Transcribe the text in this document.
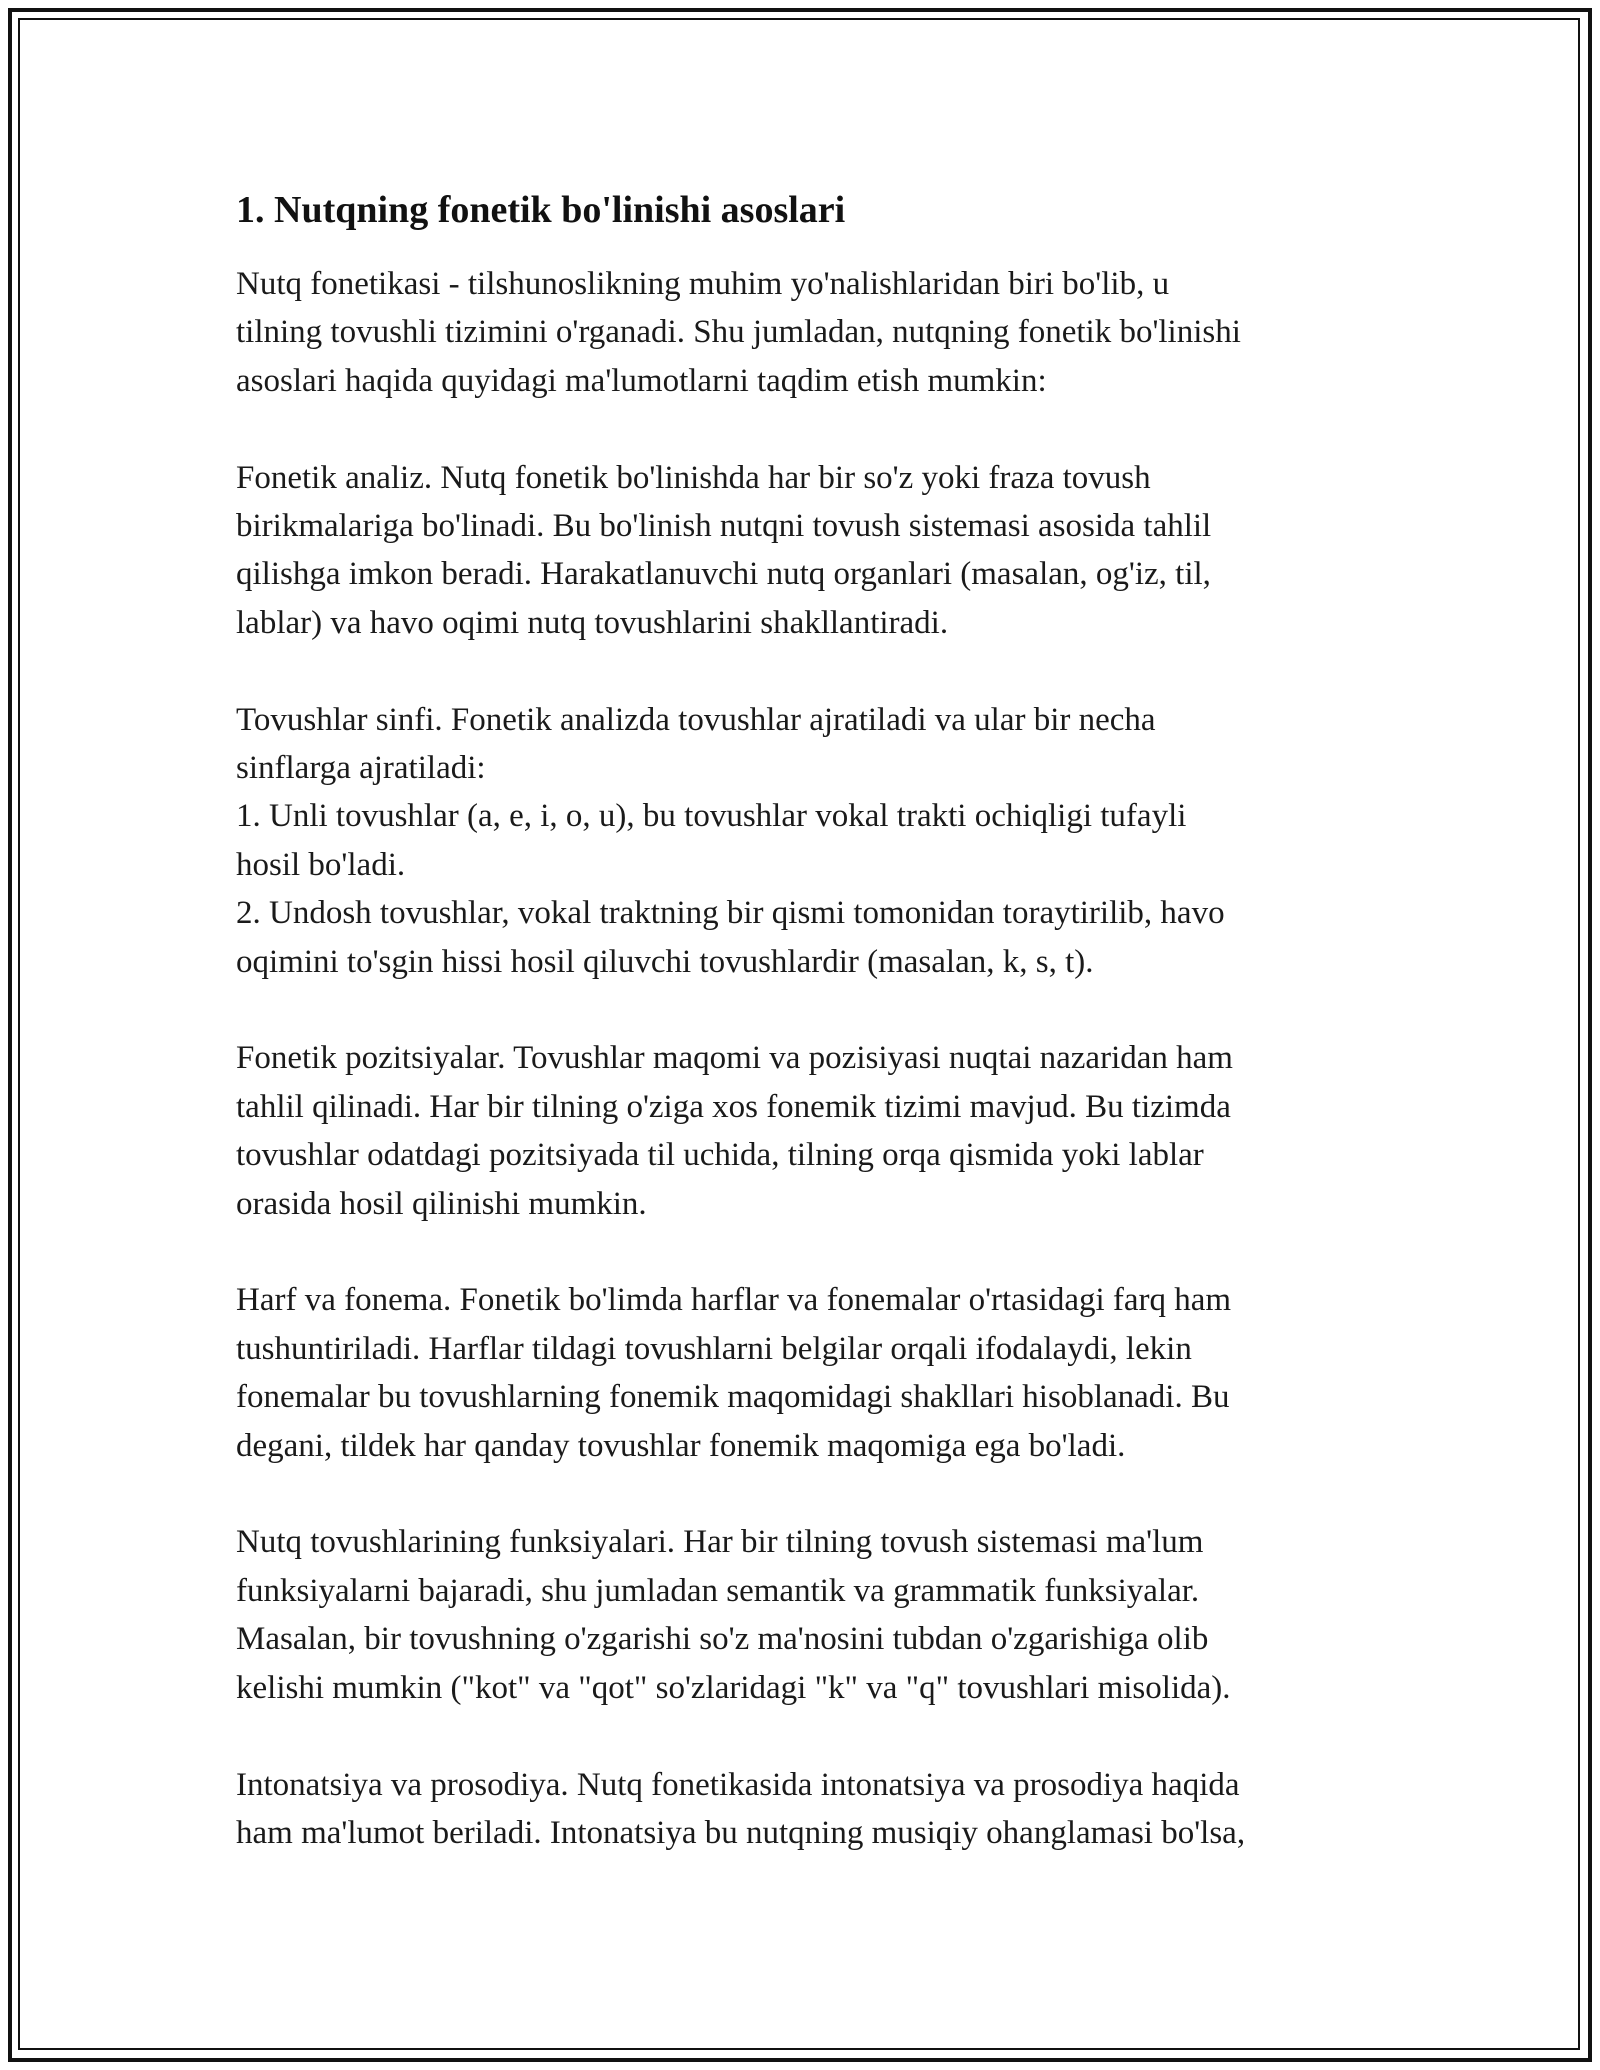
1. Nutqning fonetik bo'linishi asoslari
Nutq fonetikasi - tilshunoslikning muhim yo'nalishlaridan biri bo'lib, u
tilning tovushli tizimini o'rganadi. Shu jumladan, nutqning fonetik bo'linishi
asoslari haqida quyidagi ma'lumotlarni taqdim etish mumkin:
Fonetik analiz. Nutq fonetik bo'linishda har bir so'z yoki fraza tovush
birikmalariga bo'linadi. Bu bo'linish nutqni tovush sistemasi asosida tahlil
qilishga imkon beradi. Harakatlanuvchi nutq organlari (masalan, og'iz, til,
lablar) va havo oqimi nutq tovushlarini shakllantiradi.
Tovushlar sinfi. Fonetik analizda tovushlar ajratiladi va ular bir necha
sinflarga ajratiladi:
1. Unli tovushlar (a, e, i, o, u), bu tovushlar vokal trakti ochiqligi tufayli
hosil bo'ladi.
2. Undosh tovushlar, vokal traktning bir qismi tomonidan toraytirilib, havo
oqimini to'sgin hissi hosil qiluvchi tovushlardir (masalan, k, s, t).
Fonetik pozitsiyalar. Tovushlar maqomi va pozisiyasi nuqtai nazaridan ham
tahlil qilinadi. Har bir tilning o'ziga xos fonemik tizimi mavjud. Bu tizimda
tovushlar odatdagi pozitsiyada til uchida, tilning orqa qismida yoki lablar
orasida hosil qilinishi mumkin.
Harf va fonema. Fonetik bo'limda harflar va fonemalar o'rtasidagi farq ham
tushuntiriladi. Harflar tildagi tovushlarni belgilar orqali ifodalaydi, lekin
fonemalar bu tovushlarning fonemik maqomidagi shakllari hisoblanadi. Bu
degani, tildek har qanday tovushlar fonemik maqomiga ega bo'ladi.
Nutq tovushlarining funksiyalari. Har bir tilning tovush sistemasi ma'lum
funksiyalarni bajaradi, shu jumladan semantik va grammatik funksiyalar.
Masalan, bir tovushning o'zgarishi so'z ma'nosini tubdan o'zgarishiga olib
kelishi mumkin ("kot" va "qot" so'zlaridagi "k" va "q" tovushlari misolida).
Intonatsiya va prosodiya. Nutq fonetikasida intonatsiya va prosodiya haqida
ham ma'lumot beriladi. Intonatsiya bu nutqning musiqiy ohanglamasi bo'lsa,
